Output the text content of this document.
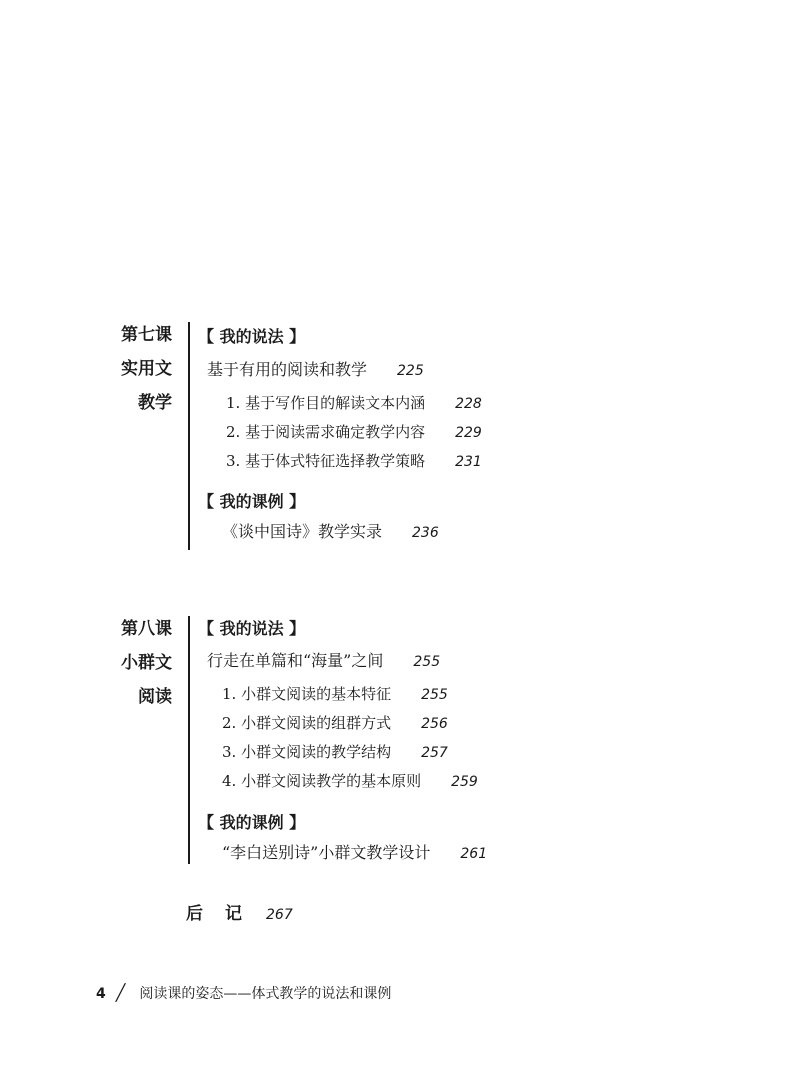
第七课
实用文
教学
【 我的说法 】
基于有用的阅读和教学 225
1. 基于写作目的解读文本内涵 228
2. 基于阅读需求确定教学内容 229
3. 基于体式特征选择教学策略 231
【 我的课例 】
《谈中国诗》教学实录 236
第八课
小群文
阅读
【 我的说法 】
行走在单篇和“海量”之间 255
1. 小群文阅读的基本特征 255
2. 小群文阅读的组群方式 256
3. 小群文阅读的教学结构 257
4. 小群文阅读教学的基本原则 259
【 我的课例 】
“李白送别诗”小群文教学设计 261
后 记 267
4 ╱ 阅读课的姿态——体式教学的说法和课例
